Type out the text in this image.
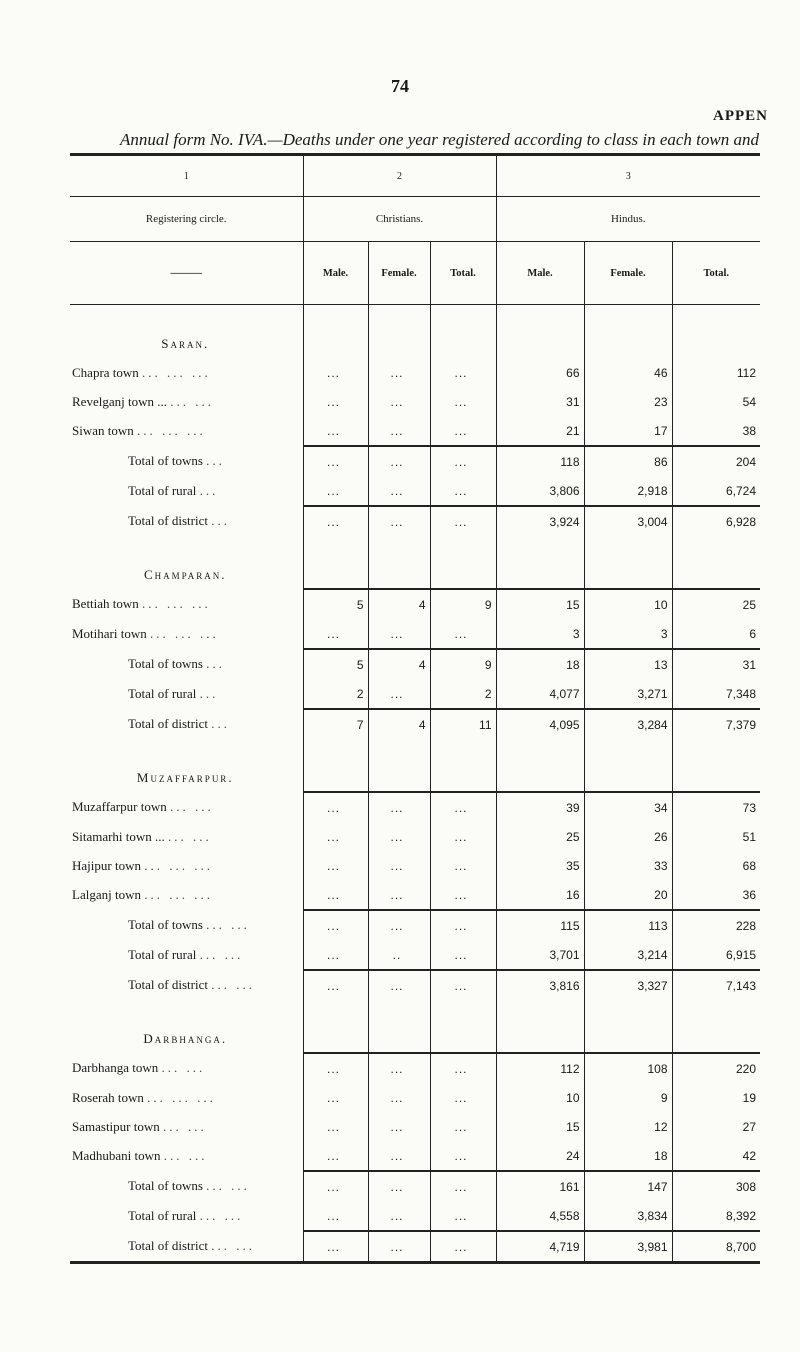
74
APPEN
Annual form No. IVA.—Deaths under one year registered according to class in each town and
1	2			3		
Registering circle.	Christians.			Hindus.		
———	Male.	Female.	Total.	Male.	Female.	Total.

Saran.						
Chapra town ... ... ...	...	...	...	66	46	112
Revelganj town ... ... ...	...	...	...	31	23	54
Siwan town ... ... ...	...	...	...	21	17	38
Total of towns ...	...	...	...	118	86	204
Total of rural ...	...	...	...	3,806	2,918	6,724
Total of district ...	...	...	...	3,924	3,004	6,928

Champaran.						
Bettiah town ... ... ...	5	4	9	15	10	25
Motihari town ... ... ...	...	...	...	3	3	6
Total of towns ...	5	4	9	18	13	31
Total of rural ...	2	...	2	4,077	3,271	7,348
Total of district ...	7	4	11	4,095	3,284	7,379

Muzaffarpur.						
Muzaffarpur town ... ...	...	...	...	39	34	73
Sitamarhi town ... ... ...	...	...	...	25	26	51
Hajipur town ... ... ...	...	...	...	35	33	68
Lalganj town ... ... ...	...	...	...	16	20	36
Total of towns ... ...	...	...	...	115	113	228
Total of rural ... ...	...	..	...	3,701	3,214	6,915
Total of district ... ...	...	...	...	3,816	3,327	7,143

Darbhanga.						
Darbhanga town ... ...	...	...	...	112	108	220
Roserah town ... ... ...	...	...	...	10	9	19
Samastipur town ... ...	...	...	...	15	12	27
Madhubani town ... ...	...	...	...	24	18	42
Total of towns ... ...	...	...	...	161	147	308
Total of rural ... ...	...	...	...	4,558	3,834	8,392
Total of district ... ...	...	...	...	4,719	3,981	8,700
